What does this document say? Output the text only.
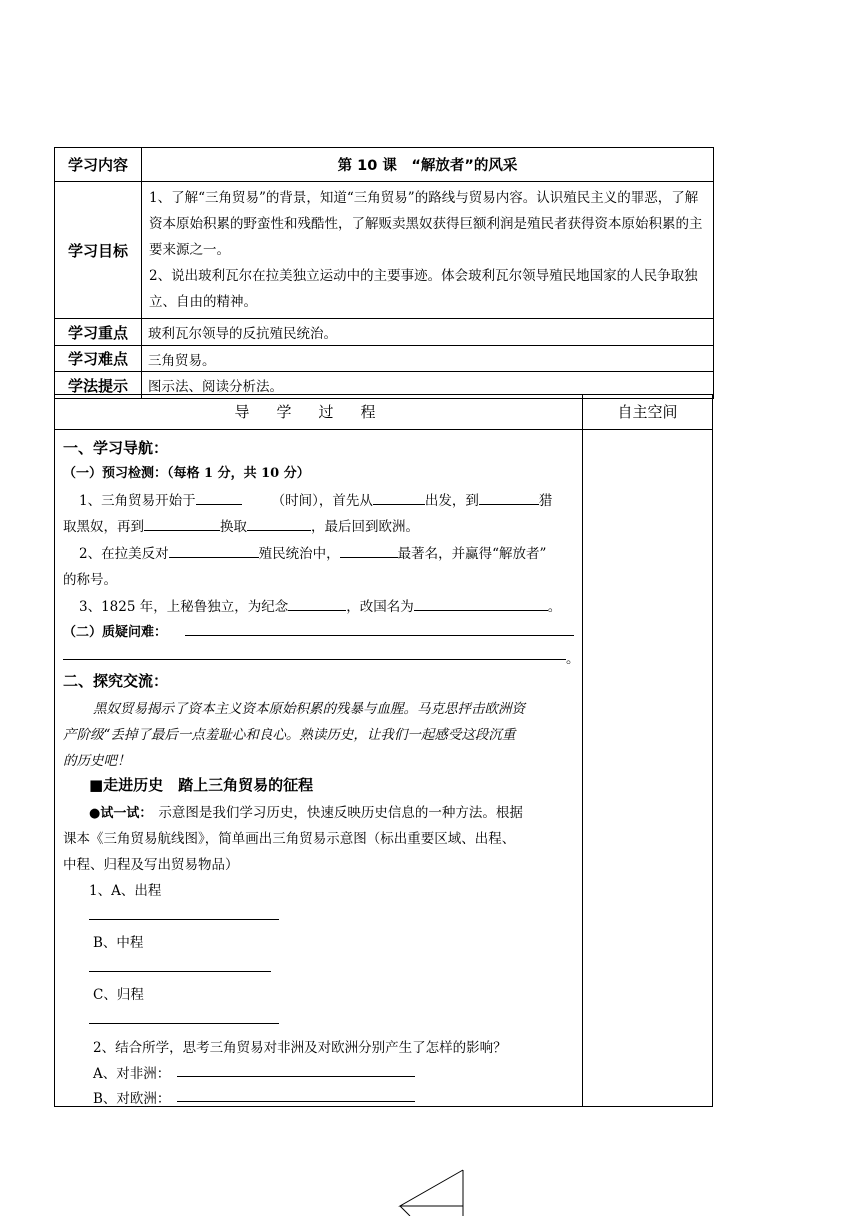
学习内容	第 10 课　“解放者”的风采
学习目标	1、了解“三角贸易”的背景，知道“三角贸易”的路线与贸易内容。认识殖民主义的罪恶，了解资本原始积累的野蛮性和残酷性，了解贩卖黑奴获得巨额利润是殖民者获得资本原始积累的主要来源之一。
2、说出玻利瓦尔在拉美独立运动中的主要事迹。体会玻利瓦尔领导殖民地国家的人民争取独立、自由的精神。

学习重点	玻利瓦尔领导的反抗殖民统治。
学习难点	三角贸易。
学法提示	图示法、阅读分析法。
导学过程	自主空间
一、学习导航：
（一）预习检测：（每格 1 分，共 10 分）
1、三角贸易开始于	（时间），首先从	出发，到	猎
取黑奴，再到	换取	，最后回到欧洲。
2、在拉美反对	殖民统治中，	最著名，并赢得“解放者”
的称号。
3、1825 年，上秘鲁独立，为纪念	，改国名为	。
（二）质疑问难：
。
二、探究交流：
黑奴贸易揭示了资本主义资本原始积累的残暴与血腥。马克思抨击欧洲资
产阶级“丢掉了最后一点羞耻心和良心。熟读历史，让我们一起感受这段沉重
的历史吧！
■走进历史　踏上三角贸易的征程
●试一试： 示意图是我们学习历史，快速反映历史信息的一种方法。根据
课本《三角贸易航线图》，简单画出三角贸易示意图（标出重要区域、出程、
中程、归程及写出贸易物品）
1、A、出程
B、中程
C、归程
2、结合所学，思考三角贸易对非洲及对欧洲分别产生了怎样的影响？
A、对非洲：
B、对欧洲：
